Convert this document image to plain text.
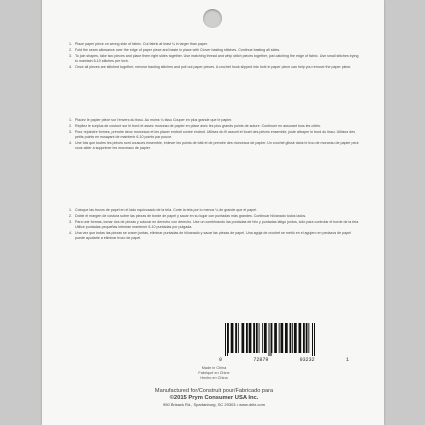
1. Place paper piece on wrong side of fabric. Cut fabric at least ¼ in larger than paper.
2. Fold the seam allowance over the edge of paper piece and baste in place with Clover basting stitches. Continue basting all sides.
3. To join shapes, take two pieces and place them right sides together. Use matching thread and whip stitch pieces together, just catching the edge of fabric. Use small stitches trying to maintain 6-10 stitches per inch.
4. Once all pieces are stitched together, remove basting stitches and pull out paper pieces. A crochet hook slipped into hole in paper piece can help you remove the paper piece.
1. Placez le papier pièce sur l'envers du tissu. Au moins ¼ tissu Couper en plus grande que le papier.
2. Repliez le surplus de couture sur le bord et assez morceau de papier en place avec les plus grands points de suture. Continuer en assurant tous les côtés.
3. Pour rejoindre formes, prendre deux morceaux et les placer endroit contre endroit. Utilisez du fil assorti et fouet des pièces ensemble, juste attraper le bord du tissu. Utilisez des petits points en essayant de maintenir 6-10 points par pouce.
4. Une fois que toutes les pièces sont cousues ensemble, enlever les points de bâti et de prendre des morceaux de papier. Un crochet glissé dans le trou de morceau de papier peut vous aider à supprimer les morceaux de papier.
1. Coloque las trozos de papel en el lado equivocado de la tela. Corte la tela por lo menos ¼ de grande que el papel.
2. Doble el margen de costura sobre las piezas de borde de papel y sacar en su lugar con puntadas más grandes. Continuar hilvanado todos lados.
3. Para unir formas, tomar dos de piezas y colocar en derecho con derecho. Use un combinando las puntadas de hilo y puntadas látigo juntos, sólo para controlar el borde de la tela. Utilice puntadas pequeñas intentan mantener 6-10 puntadas por pulgada.
4. Una vez que todas las piezas se cosen juntas, eliminar puntadas de hilvanado y sacar las piezas de papel. Una aguja de crochet se metió en el agujero en pedazos de papel puede ayudarle a eliminar trozo de papel.
0	72879	03232	1
Made in China
Fabriqué en Chine
Hecho en China
Manufactured for/Construit pour/Fabricado para
©2015 Prym Consumer USA Inc.
950 Brisack Rd., Spartanburg, SC 29303 • www.dritz.com
